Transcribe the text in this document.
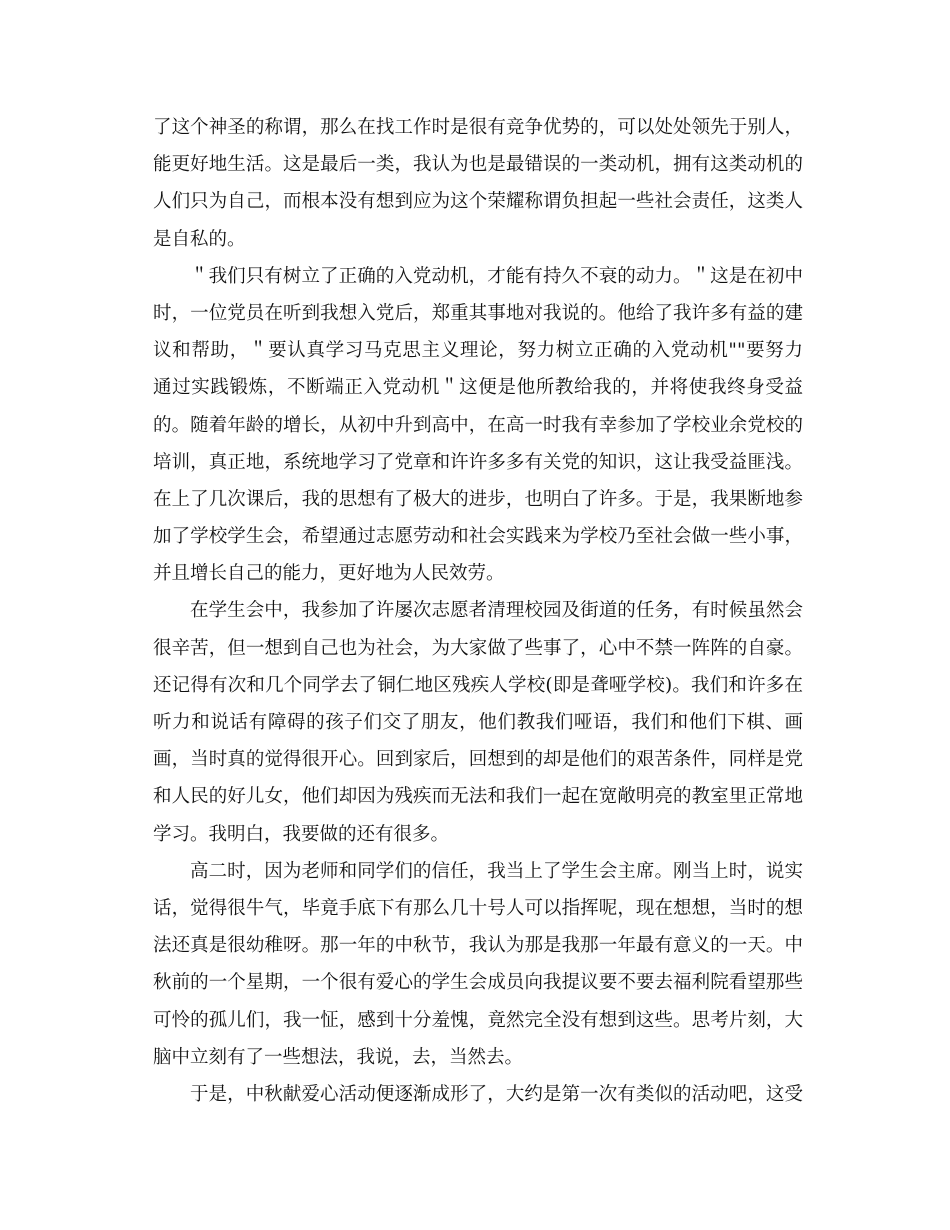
了这个神圣的称谓，那么在找工作时是很有竞争优势的，可以处处领先于别人，
能更好地生活。这是最后一类，我认为也是最错误的一类动机，拥有这类动机的
人们只为自己，而根本没有想到应为这个荣耀称谓负担起一些社会责任，这类人
是自私的。
＂我们只有树立了正确的入党动机，才能有持久不衰的动力。＂这是在初中
时，一位党员在听到我想入党后，郑重其事地对我说的。他给了我许多有益的建
议和帮助，＂要认真学习马克思主义理论，努力树立正确的入党动机""要努力
通过实践锻炼，不断端正入党动机＂这便是他所教给我的，并将使我终身受益
的。随着年龄的增长，从初中升到高中，在高一时我有幸参加了学校业余党校的
培训，真正地，系统地学习了党章和许许多多有关党的知识，这让我受益匪浅。
在上了几次课后，我的思想有了极大的进步，也明白了许多。于是，我果断地参
加了学校学生会，希望通过志愿劳动和社会实践来为学校乃至社会做一些小事，
并且增长自己的能力，更好地为人民效劳。
在学生会中，我参加了许屡次志愿者清理校园及街道的任务，有时候虽然会
很辛苦，但一想到自己也为社会，为大家做了些事了，心中不禁一阵阵的自豪。
还记得有次和几个同学去了铜仁地区残疾人学校(即是聋哑学校)。我们和许多在
听力和说话有障碍的孩子们交了朋友，他们教我们哑语，我们和他们下棋、画
画，当时真的觉得很开心。回到家后，回想到的却是他们的艰苦条件，同样是党
和人民的好儿女，他们却因为残疾而无法和我们一起在宽敞明亮的教室里正常地
学习。我明白，我要做的还有很多。
高二时，因为老师和同学们的信任，我当上了学生会主席。刚当上时，说实
话，觉得很牛气，毕竟手底下有那么几十号人可以指挥呢，现在想想，当时的想
法还真是很幼稚呀。那一年的中秋节，我认为那是我那一年最有意义的一天。中
秋前的一个星期，一个很有爱心的学生会成员向我提议要不要去福利院看望那些
可怜的孤儿们，我一怔，感到十分羞愧，竟然完全没有想到这些。思考片刻，大
脑中立刻有了一些想法，我说，去，当然去。
于是，中秋献爱心活动便逐渐成形了，大约是第一次有类似的活动吧，这受
